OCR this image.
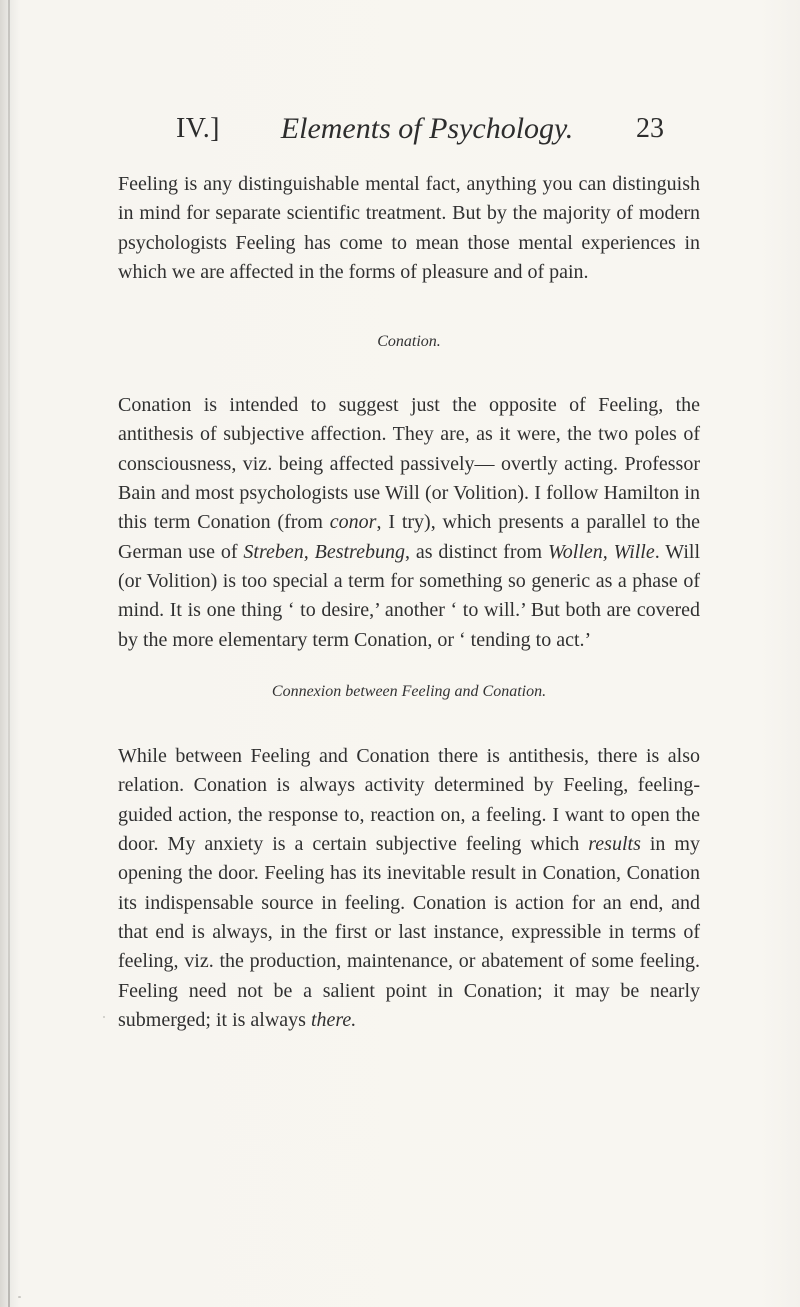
IV.]	Elements of Psychology.	23

Feeling is any distinguishable mental fact, anything you can distinguish in mind for separate scientific treatment. But by the majority of modern psychologists Feeling has come to mean those mental experiences in which we are affected in the forms of pleasure and of pain.

Conation.

Conation is intended to suggest just the opposite of Feeling, the antithesis of subjective affection. They are, as it were, the two poles of consciousness, viz. being affected passively— overtly acting. Professor Bain and most psychologists use Will (or Volition). I follow Hamilton in this term Conation (from conor, I try), which presents a parallel to the German use of Streben, Bestrebung, as distinct from Wollen, Wille. Will (or Volition) is too special a term for something so generic as a phase of mind. It is one thing ‘ to desire,’ another ‘ to will.’ But both are covered by the more elementary term Conation, or ‘ tending to act.’

Connexion between Feeling and Conation.

While between Feeling and Conation there is antithesis, there is also relation. Conation is always activity determined by Feeling, feeling-guided action, the response to, reaction on, a feeling. I want to open the door. My anxiety is a certain subjective feeling which results in my opening the door. Feeling has its inevitable result in Conation, Conation its indispensable source in feeling. Conation is action for an end, and that end is always, in the first or last instance, expressible in terms of feeling, viz. the production, maintenance, or abatement of some feeling. Feeling need not be a salient point in Conation; it may be nearly submerged; it is always there.
